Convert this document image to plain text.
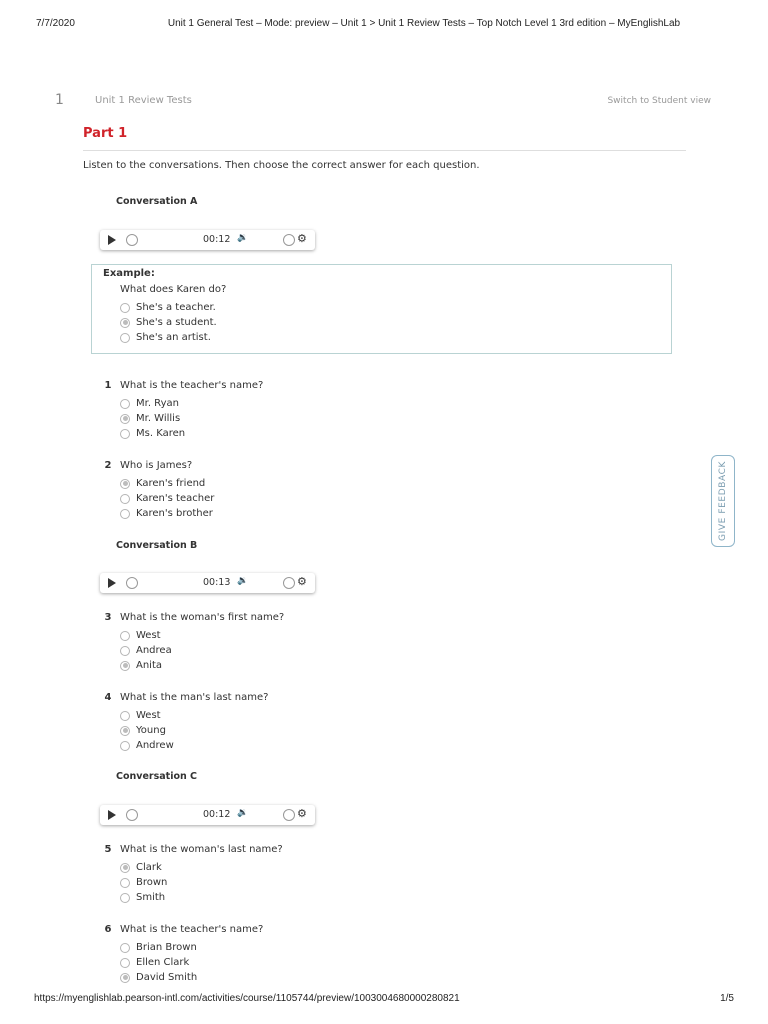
7/7/2020	Unit 1 General Test – Mode: preview – Unit 1 > Unit 1 Review Tests – Top Notch Level 1 3rd edition – MyEnglishLab
1	Unit 1 Review Tests	Switch to Student view
Part 1
Listen to the conversations. Then choose the correct answer for each question.
Conversation A
00:12 🔉	⚙
Example:
What does Karen do?
She's a teacher.
She's a student.
She's an artist.
1 What is the teacher's name?
Mr. Ryan
Mr. Willis
Ms. Karen
2 Who is James?
Karen's friend
Karen's teacher
Karen's brother
Conversation B
00:13 🔉	⚙
3 What is the woman's first name?
West
Andrea
Anita
4 What is the man's last name?
West
Young
Andrew
Conversation C
00:12 🔉	⚙
5 What is the woman's last name?
Clark
Brown
Smith
6 What is the teacher's name?
Brian Brown
Ellen Clark
David Smith
GIVE FEEDBACK
https://myenglishlab.pearson-intl.com/activities/course/1105744/preview/1003004680000280821	1/5
